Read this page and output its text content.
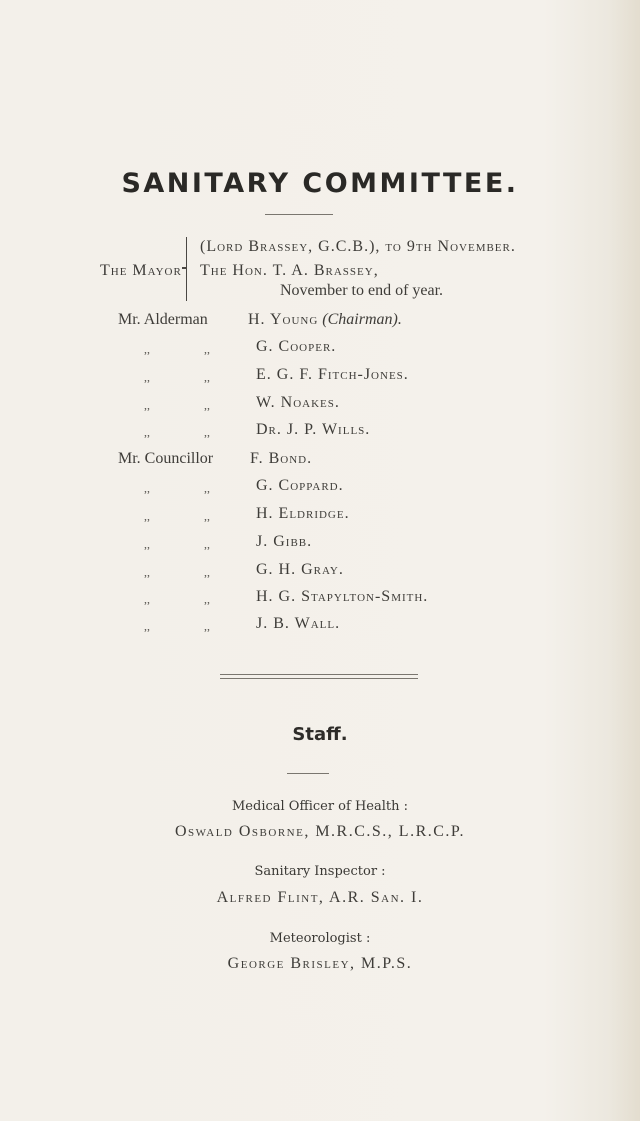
SANITARY COMMITTEE.
The Mayor
(Lord Brassey, G.C.B.), to 9th November.
The Hon. T. A. Brassey,
November to end of year.
Mr. Alderman	H. Young (Chairman).
,,	,,	G. Cooper.
,,	,,	E. G. F. Fitch-Jones.
,,	,,	W. Noakes.
,,	,,	Dr. J. P. Wills.
Mr. Councillor F. Bond.
,,	,,	G. Coppard.
,,	,,	H. Eldridge.
,,	,,	J. Gibb.
,,	,,	G. H. Gray.
,,	,,	H. G. Stapylton-Smith.
,,	,,	J. B. Wall.
Staff.
Medical Officer of Health :
Oswald Osborne, M.R.C.S., L.R.C.P.
Sanitary Inspector :
Alfred Flint, A.R. San. I.
Meteorologist :
George Brisley, M.P.S.
